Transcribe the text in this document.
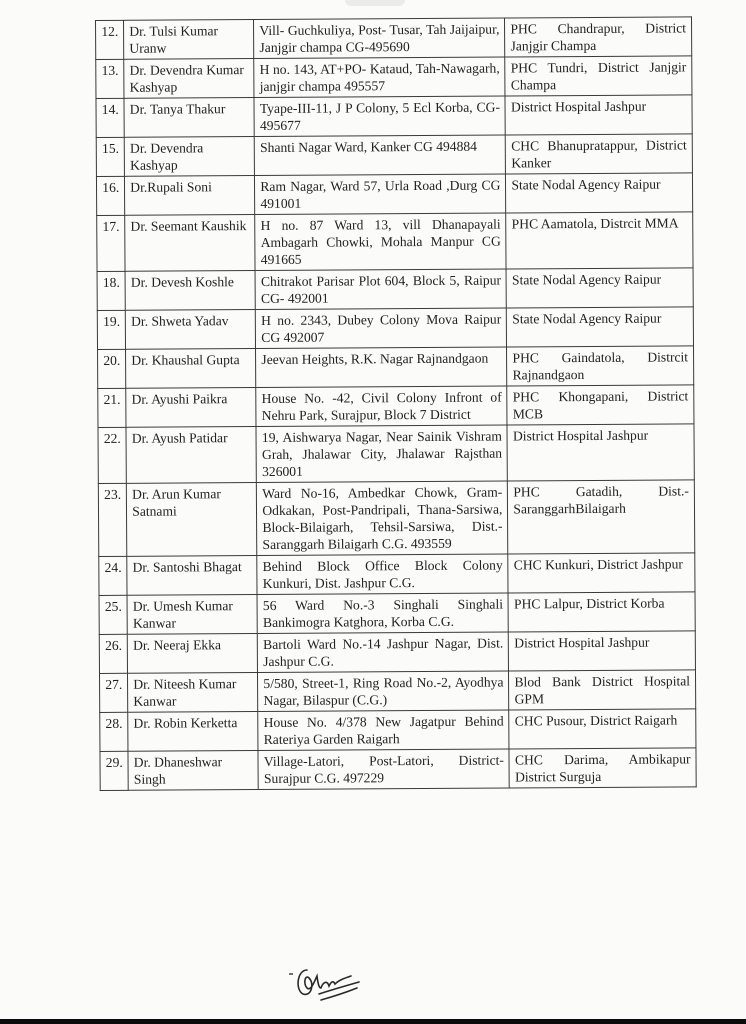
12.	Dr. Tulsi Kumar Uranw	Vill- Guchkuliya, Post- Tusar, Tah Jaijaipur, Janjgir champa CG-495690	PHC Chandrapur, District Janjgir Champa
13.	Dr. Devendra Kumar Kashyap	H no. 143, AT+PO- Kataud, Tah-Nawagarh, janjgir champa 495557	PHC Tundri, District Janjgir Champa
14.	Dr. Tanya Thakur	Tyape-III-11, J P Colony, 5 Ecl Korba, CG- 495677	District Hospital Jashpur
15.	Dr. Devendra Kashyap	Shanti Nagar Ward, Kanker CG 494884	CHC Bhanupratappur, District Kanker
16.	Dr.Rupali Soni	Ram Nagar, Ward 57, Urla Road ,Durg CG 491001	State Nodal Agency Raipur
17.	Dr. Seemant Kaushik	H no. 87 Ward 13, vill Dhanapayali Ambagarh Chowki, Mohala Manpur CG 491665	PHC Aamatola, Distrcit MMA
18.	Dr. Devesh Koshle	Chitrakot Parisar Plot 604, Block 5, Raipur CG- 492001	State Nodal Agency Raipur
19.	Dr. Shweta Yadav	H no. 2343, Dubey Colony Mova Raipur CG 492007	State Nodal Agency Raipur
20.	Dr. Khaushal Gupta	Jeevan Heights, R.K. Nagar Rajnandgaon	PHC Gaindatola, Distrcit Rajnandgaon
21.	Dr. Ayushi Paikra	House No. -42, Civil Colony Infront of Nehru Park, Surajpur, Block 7 District	PHC Khongapani, District MCB
22.	Dr. Ayush Patidar	19, Aishwarya Nagar, Near Sainik Vishram Grah, Jhalawar City, Jhalawar Rajsthan 326001	District Hospital Jashpur
23.	Dr. Arun Kumar Satnami	Ward No-16, Ambedkar Chowk, Gram-Odkakan, Post-Pandripali, Thana-Sarsiwa, Block-Bilaigarh, Tehsil-Sarsiwa, Dist.-Saranggarh Bilaigarh C.G. 493559	PHC Gatadih, Dist.-SaranggarhBilaigarh
24.	Dr. Santoshi Bhagat	Behind Block Office Block Colony Kunkuri, Dist. Jashpur C.G.	CHC Kunkuri, District Jashpur
25.	Dr. Umesh Kumar Kanwar	56 Ward No.-3 Singhali Singhali Bankimogra Katghora, Korba C.G.	PHC Lalpur, District Korba
26.	Dr. Neeraj Ekka	Bartoli Ward No.-14 Jashpur Nagar, Dist. Jashpur C.G.	District Hospital Jashpur
27.	Dr. Niteesh Kumar Kanwar	5/580, Street-1, Ring Road No.-2, Ayodhya Nagar, Bilaspur (C.G.)	Blod Bank District Hospital GPM
28.	Dr. Robin Kerketta	House No. 4/378 New Jagatpur Behind Rateriya Garden Raigarh	CHC Pusour, District Raigarh
29.	Dr. Dhaneshwar Singh	Village-Latori, Post-Latori, District-Surajpur C.G. 497229	CHC Darima, Ambikapur District Surguja
